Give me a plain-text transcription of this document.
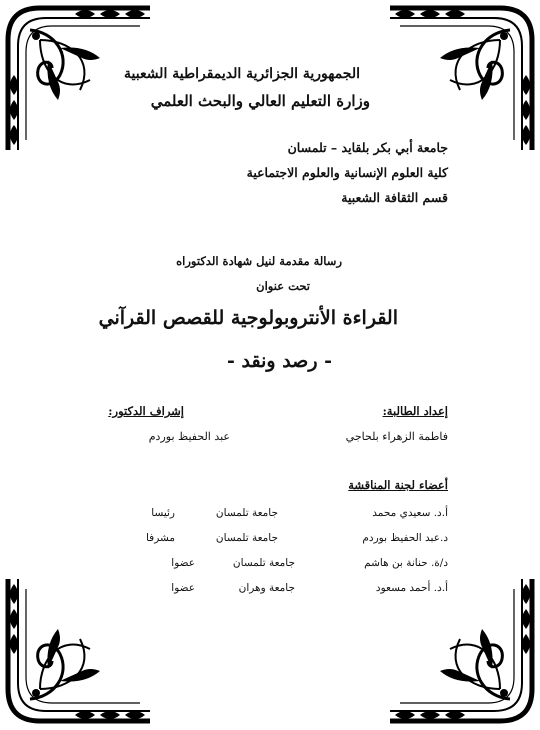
الجمهورية الجزائرية الديمقراطية الشعبية
وزارة التعليم العالي والبحث العلمي
جامعة أبي بكر بلقايد – تلمسان
كلية العلوم الإنسانية والعلوم الاجتماعية
قسم الثقافة الشعبية
رسالة مقدمة لنيل شهادة الدكتوراه
تحت عنوان
القراءة الأنتروبولوجية للقصص القرآني
- رصد ونقد -
إعداد الطالبة:
فاطمة الزهراء بلحاجي
إشراف الدكتور:
عبد الحفيظ بوردم
أعضاء لجنة المناقشة
أ.د. سعيدي محمد
جامعة تلمسان
رئيسا
د.عبد الحفيظ بوردم
جامعة تلمسان
مشرفا
د/ة. حنانة بن هاشم
جامعة تلمسان
عضوا
أ.د. أحمد مسعود
جامعة وهران
عضوا
